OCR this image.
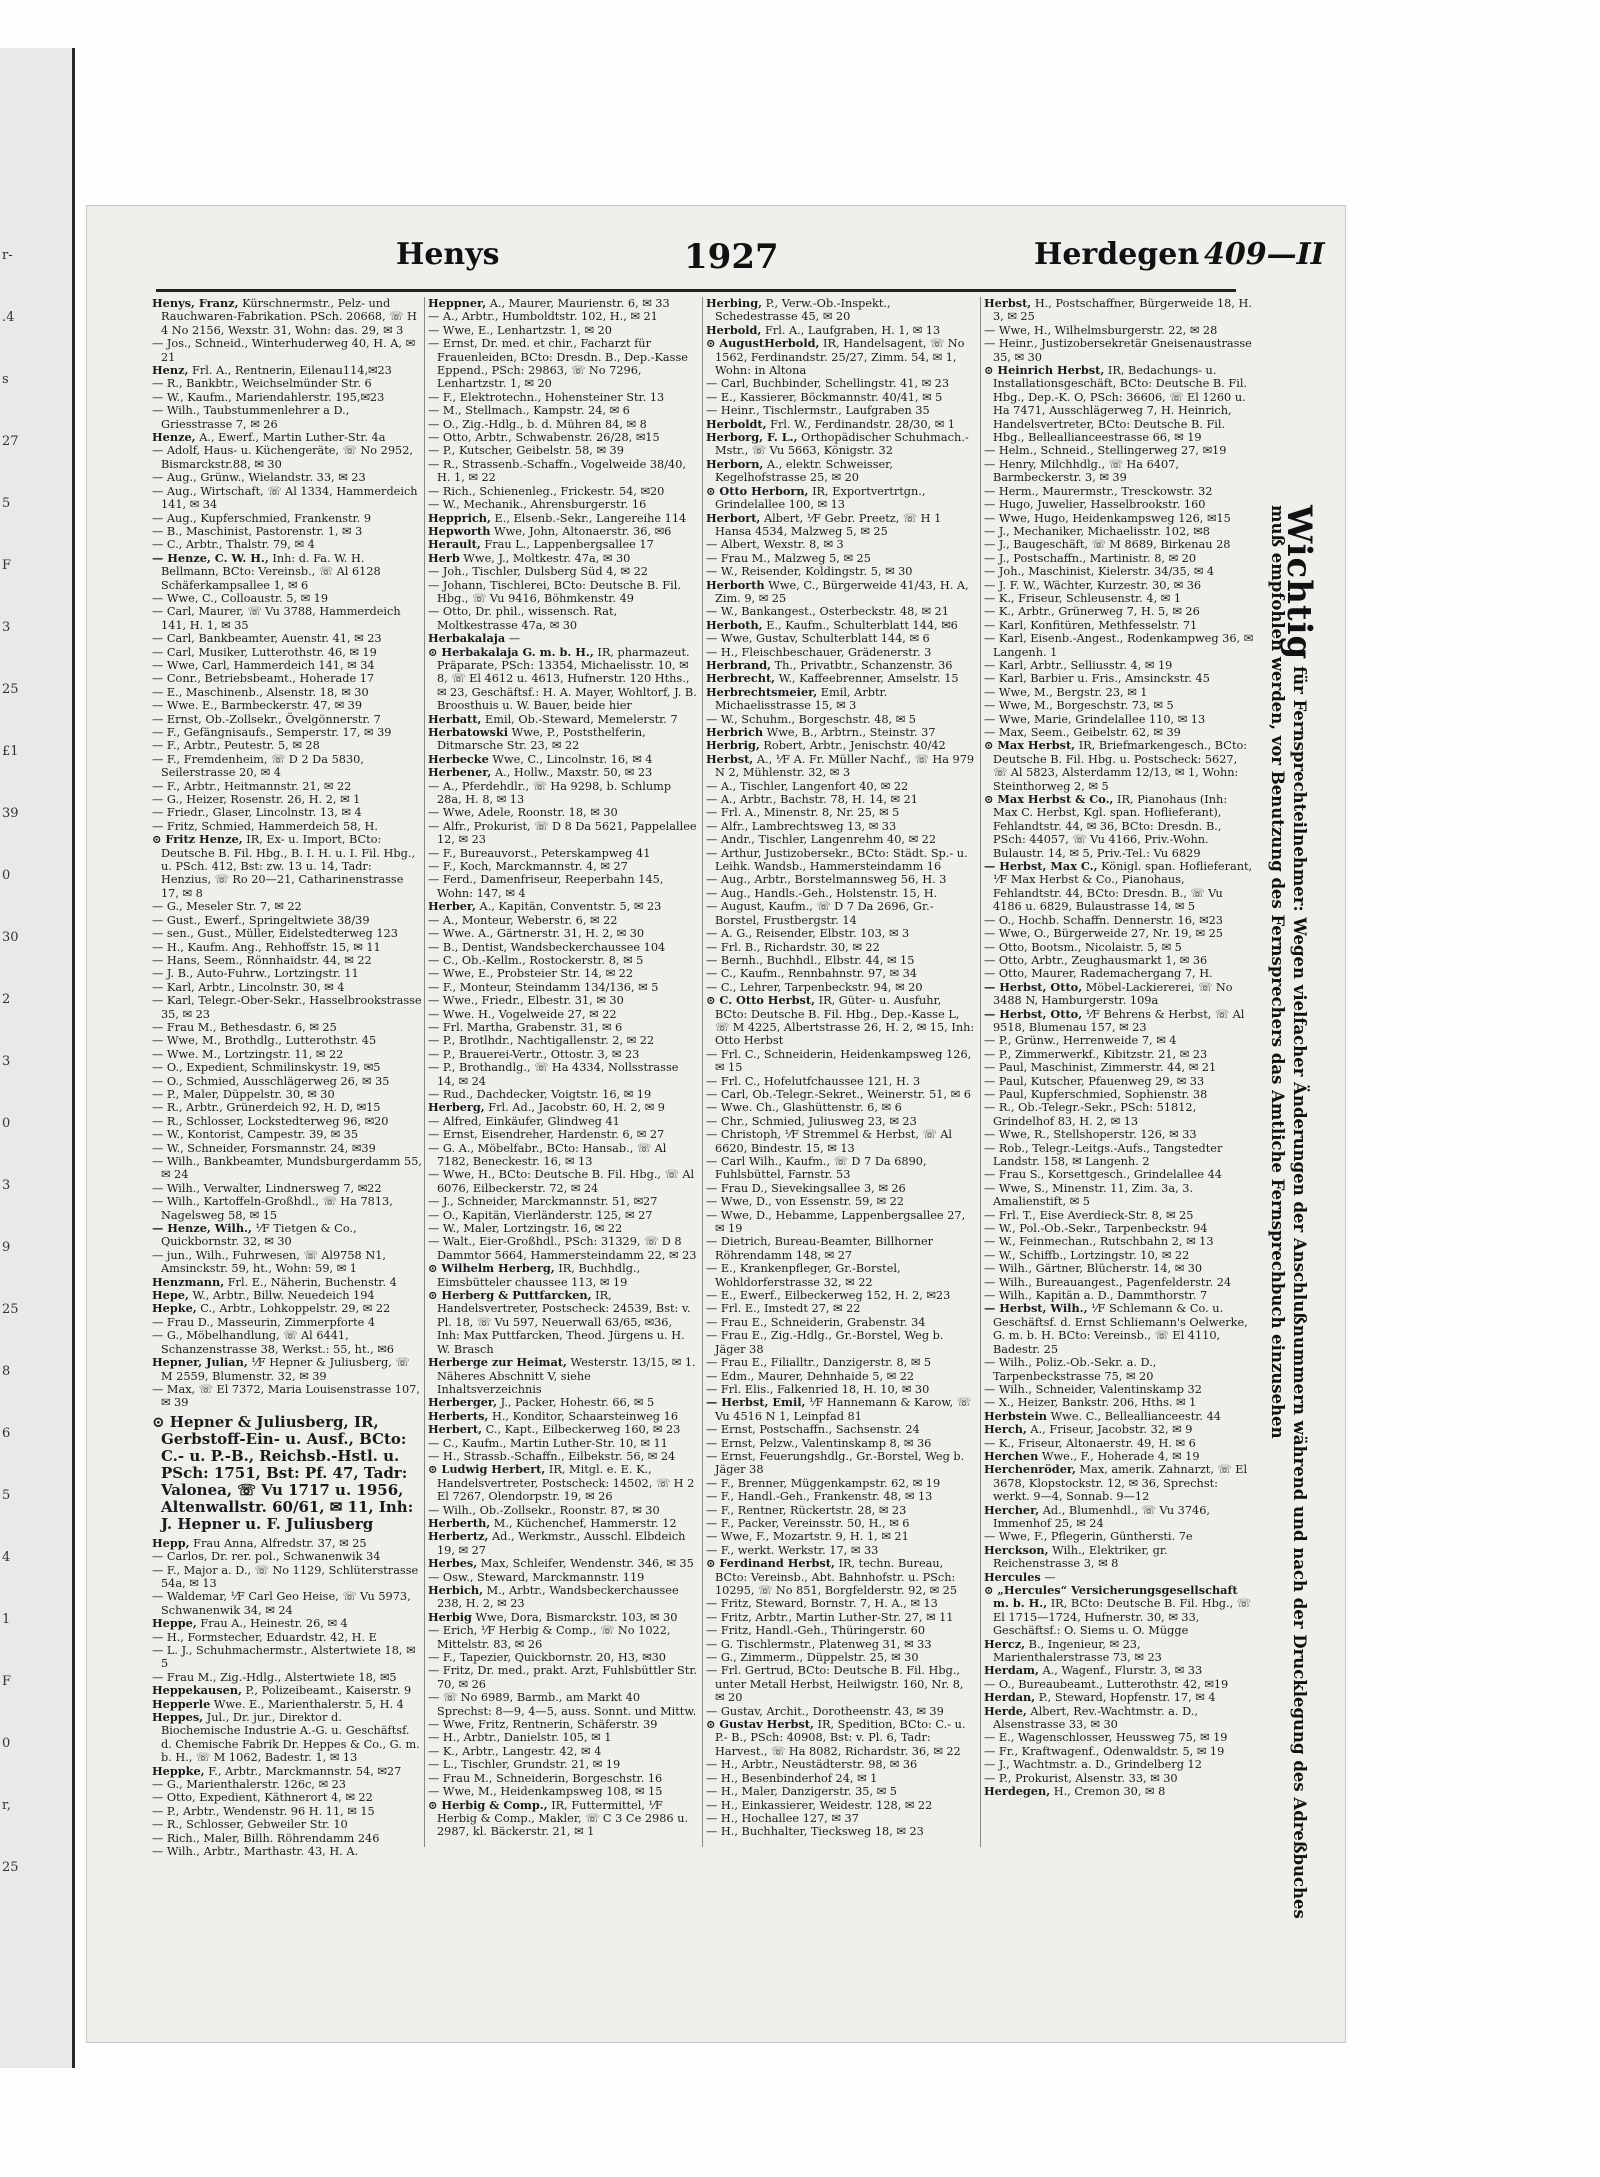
r-
.4
s
27
5
F
3
25
£1
39
0
30
2
3
0
3
9
25
8
6
5
4
1
F
0
r,
25
Henys	1927	Herdegen 409—II

Henys, Franz, Kürschnermstr., Pelz- und Rauchwaren-Fabrikation. PSch. 20668, ☏ H 4 No 2156, Wexstr. 31, Wohn: das. 29, ✉ 3

— Jos., Schneid., Winterhuderweg 40, H. A, ✉ 21

Henz, Frl. A., Rentnerin, Eilenau114,✉23

— R., Bankbtr., Weichselmünder Str. 6

— W., Kaufm., Mariendahlerstr. 195,✉23

— Wilh., Taubstummenlehrer a D., Griesstrasse 7, ✉ 26

Henze, A., Ewerf., Martin Luther-Str. 4a

— Adolf, Haus- u. Küchengeräte, ☏ No 2952, Bismarckstr.88, ✉ 30

— Aug., Grünw., Wielandstr. 33, ✉ 23

— Aug., Wirtschaft, ☏ Al 1334, Hammerdeich 141, ✉ 34

— Aug., Kupferschmied, Frankenstr. 9

— B., Maschinist, Pastorenstr. 1, ✉ 3

— C., Arbtr., Thalstr. 79, ✉ 4

— Henze, C. W. H., Inh: d. Fa. W. H. Bellmann, BCto: Vereinsb., ☏ Al 6128 Schäferkampsallee 1, ✉ 6

— Wwe, C., Colloaustr. 5, ✉ 19

— Carl, Maurer, ☏ Vu 3788, Hammerdeich 141, H. 1, ✉ 35

— Carl, Bankbeamter, Auenstr. 41, ✉ 23

— Carl, Musiker, Lutterothstr. 46, ✉ 19

— Wwe, Carl, Hammerdeich 141, ✉ 34

— Conr., Betriebsbeamt., Hoherade 17

— E., Maschinenb., Alsenstr. 18, ✉ 30

— Wwe. E., Barmbeckerstr. 47, ✉ 39

— Ernst, Ob.-Zollsekr., Övelgönnerstr. 7

— F., Gefängnisaufs., Semperstr. 17, ✉ 39

— F., Arbtr., Peutestr. 5, ✉ 28

— F., Fremdenheim, ☏ D 2 Da 5830, Seilerstrasse 20, ✉ 4

— F., Arbtr., Heitmannstr. 21, ✉ 22

— G., Heizer, Rosenstr. 26, H. 2, ✉ 1

— Friedr., Glaser, Lincolnstr. 13, ✉ 4

— Fritz, Schmied, Hammerdeich 58, H.

⊙ Fritz Henze, IR, Ex- u. Import, BCto: Deutsche B. Fil. Hbg., B. I. H. u. I. Fil. Hbg., u. PSch. 412, Bst: zw. 13 u. 14, Tadr: Henzius, ☏ Ro 20—21, Catharinenstrasse 17, ✉ 8

— G., Meseler Str. 7, ✉ 22

— Gust., Ewerf., Springeltwiete 38/39

— sen., Gust., Müller, Eidelstedterweg 123

— H., Kaufm. Ang., Rehhoffstr. 15, ✉ 11

— Hans, Seem., Rönnhaidstr. 44, ✉ 22

— J. B., Auto-Fuhrw., Lortzingstr. 11

— Karl, Arbtr., Lincolnstr. 30, ✉ 4

— Karl, Telegr.-Ober-Sekr., Hasselbrookstrasse 35, ✉ 23

— Frau M., Bethesdastr. 6, ✉ 25

— Wwe, M., Brothdlg., Lutterothstr. 45

— Wwe. M., Lortzingstr. 11, ✉ 22

— O., Expedient, Schmilinskystr. 19, ✉5

— O., Schmied, Ausschlägerweg 26, ✉ 35

— P., Maler, Düppelstr. 30, ✉ 30

— R., Arbtr., Grünerdeich 92, H. D, ✉15

— R., Schlosser, Lockstedterweg 96, ✉20

— W., Kontorist, Campestr. 39, ✉ 35

— W., Schneider, Forsmannstr. 24, ✉39

— Wilh., Bankbeamter, Mundsburgerdamm 55, ✉ 24

— Wilh., Verwalter, Lindnersweg 7, ✉22

— Wilh., Kartoffeln-Großhdl., ☏ Ha 7813, Nagelsweg 58, ✉ 15

— Henze, Wilh., ⅟F Tietgen & Co., Quickbornstr. 32, ✉ 30

— jun., Wilh., Fuhrwesen, ☏ Al9758 N1, Amsinckstr. 59, ht., Wohn: 59, ✉ 1

Henzmann, Frl. E., Näherin, Buchenstr. 4

Hepe, W., Arbtr., Billw. Neuedeich 194

Hepke, C., Arbtr., Lohkoppelstr. 29, ✉ 22

— Frau D., Masseurin, Zimmerpforte 4

— G., Möbelhandlung, ☏ Al 6441, Schanzenstrasse 38, Werkst.: 55, ht., ✉6

Hepner, Julian, ⅟F Hepner & Juliusberg, ☏ M 2559, Blumenstr. 32, ✉ 39

— Max, ☏ El 7372, Maria Louisenstrasse 107, ✉ 39

⊙ Hepner & Juliusberg, IR, Gerbstoff-Ein- u. Ausf., BCto: C.- u. P.-B., Reichsb.-Hstl. u. PSch: 1751, Bst: Pf. 47, Tadr: Valonea, ☏ Vu 1717 u. 1956, Altenwallstr. 60/61, ✉ 11, Inh: J. Hepner u. F. Juliusberg

Hepp, Frau Anna, Alfredstr. 37, ✉ 25

— Carlos, Dr. rer. pol., Schwanenwik 34

— F., Major a. D., ☏ No 1129, Schlüterstrasse 54a, ✉ 13

— Waldemar, ⅟F Carl Geo Heise, ☏ Vu 5973, Schwanenwik 34, ✉ 24

Heppe, Frau A., Heinestr. 26, ✉ 4

— H., Formstecher, Eduardstr. 42, H. E

— L. J., Schuhmachermstr., Alstertwiete 18, ✉ 5

— Frau M., Zig.-Hdlg., Alstertwiete 18, ✉5

Heppekausen, P., Polizeibeamt., Kaiserstr. 9

Hepperle Wwe. E., Marienthalerstr. 5, H. 4

Heppes, Jul., Dr. jur., Direktor d. Biochemische Industrie A.-G. u. Geschäftsf. d. Chemische Fabrik Dr. Heppes & Co., G. m. b. H., ☏ M 1062, Badestr. 1, ✉ 13

Heppke, F., Arbtr., Marckmannstr. 54, ✉27

— G., Marienthalerstr. 126c, ✉ 23

— Otto, Expedient, Käthnerort 4, ✉ 22

— P., Arbtr., Wendenstr. 96 H. 11, ✉ 15

— R., Schlosser, Gebweiler Str. 10

— Rich., Maler, Billh. Röhrendamm 246

— Wilh., Arbtr., Marthastr. 43, H. A.

Heppner, A., Maurer, Maurienstr. 6, ✉ 33

— A., Arbtr., Humboldtstr. 102, H., ✉ 21

— Wwe, E., Lenhartzstr. 1, ✉ 20

— Ernst, Dr. med. et chir., Facharzt für Frauenleiden, BCto: Dresdn. B., Dep.-Kasse Eppend., PSch: 29863, ☏ No 7296, Lenhartzstr. 1, ✉ 20

— F., Elektrotechn., Hohensteiner Str. 13

— M., Stellmach., Kampstr. 24, ✉ 6

— O., Zig.-Hdlg., b. d. Mühren 84, ✉ 8

— Otto, Arbtr., Schwabenstr. 26/28, ✉15

— P., Kutscher, Geibelstr. 58, ✉ 39

— R., Strassenb.-Schaffn., Vogelweide 38/40, H. 1, ✉ 22

— Rich., Schienenleg., Frickestr. 54, ✉20

— W., Mechanik., Ahrensburgerstr. 16

Hepprich, E., Elsenb.-Sekr., Langereihe 114

Hepworth Wwe, John, Altonaerstr. 36, ✉6

Herault, Frau L., Lappenbergsallee 17

Herb Wwe, J., Moltkestr. 47a, ✉ 30

— Joh., Tischler, Dulsberg Süd 4, ✉ 22

— Johann, Tischlerei, BCto: Deutsche B. Fil. Hbg., ☏ Vu 9416, Böhmkenstr. 49

— Otto, Dr. phil., wissensch. Rat, Moltkestrasse 47a, ✉ 30

Herbakalaja —

⊙ Herbakalaja G. m. b. H., IR, pharmazeut. Präparate, PSch: 13354, Michaelisstr. 10, ✉ 8, ☏ El 4612 u. 4613, Hufnerstr. 120 Hths., ✉ 23, Geschäftsf.: H. A. Mayer, Wohltorf, J. B. Broosthuis u. W. Bauer, beide hier

Herbatt, Emil, Ob.-Steward, Memelerstr. 7

Herbatowski Wwe, P., Poststhelferin, Ditmarsche Str. 23, ✉ 22

Herbecke Wwe, C., Lincolnstr. 16, ✉ 4

Herbener, A., Hollw., Maxstr. 50, ✉ 23

— A., Pferdehdlr., ☏ Ha 9298, b. Schlump 28a, H. 8, ✉ 13

— Wwe, Adele, Roonstr. 18, ✉ 30

— Alfr., Prokurist, ☏ D 8 Da 5621, Pappelallee 12, ✉ 23

— F., Bureauvorst., Peterskampweg 41

— F., Koch, Marckmannstr. 4, ✉ 27

— Ferd., Damenfriseur, Reeperbahn 145, Wohn: 147, ✉ 4

Herber, A., Kapitän, Conventstr. 5, ✉ 23

— A., Monteur, Weberstr. 6, ✉ 22

— Wwe. A., Gärtnerstr. 31, H. 2, ✉ 30

— B., Dentist, Wandsbeckerchaussee 104

— C., Ob.-Kellm., Rostockerstr. 8, ✉ 5

— Wwe, E., Probsteier Str. 14, ✉ 22

— F., Monteur, Steindamm 134/136, ✉ 5

— Wwe., Friedr., Elbestr. 31, ✉ 30

— Wwe. H., Vogelweide 27, ✉ 22

— Frl. Martha, Grabenstr. 31, ✉ 6

— P., Brotlhdr., Nachtigallenstr. 2, ✉ 22

— P., Brauerei-Vertr., Ottostr. 3, ✉ 23

— P., Brothandlg., ☏ Ha 4334, Nollsstrasse 14, ✉ 24

— Rud., Dachdecker, Voigtstr. 16, ✉ 19

Herberg, Frl. Ad., Jacobstr. 60, H. 2, ✉ 9

— Alfred, Einkäufer, Glindweg 41

— Ernst, Eisendreher, Hardenstr. 6, ✉ 27

— G. A., Möbelfabr., BCto: Hansab., ☏ Al 7182, Beneckestr. 16, ✉ 13

— Wwe, H., BCto: Deutsche B. Fil. Hbg., ☏ Al 6076, Eilbeckerstr. 72, ✉ 24

— J., Schneider, Marckmannstr. 51, ✉27

— O., Kapitän, Vierländerstr. 125, ✉ 27

— W., Maler, Lortzingstr. 16, ✉ 22

— Walt., Eier-Großhdl., PSch: 31329, ☏ D 8 Dammtor 5664, Hammersteindamm 22, ✉ 23

⊙ Wilhelm Herberg, IR, Buchhdlg., Eimsbütteler chaussee 113, ✉ 19

⊙ Herberg & Puttfarcken, IR, Handelsvertreter, Postscheck: 24539, Bst: v. Pl. 18, ☏ Vu 597, Neuerwall 63/65, ✉36, Inh: Max Puttfarcken, Theod. Jürgens u. H. W. Brasch

Herberge zur Heimat, Westerstr. 13/15, ✉ 1. Näheres Abschnitt V, siehe Inhaltsverzeichnis

Herberger, J., Packer, Hohestr. 66, ✉ 5

Herberts, H., Konditor, Schaarsteinweg 16

Herbert, C., Kapt., Eilbeckerweg 160, ✉ 23

— C., Kaufm., Martin Luther-Str. 10, ✉ 11

— H., Strassb.-Schaffn., Eilbekstr. 56, ✉ 24

⊙ Ludwig Herbert, IR, Mitgl. e. E. K., Handelsvertreter, Postscheck: 14502, ☏ H 2 El 7267, Olendorpstr. 19, ✉ 26

— Wilh., Ob.-Zollsekr., Roonstr. 87, ✉ 30

Herberth, M., Küchenchef, Hammerstr. 12

Herbertz, Ad., Werkmstr., Ausschl. Elbdeich 19, ✉ 27

Herbes, Max, Schleifer, Wendenstr. 346, ✉ 35

— Osw., Steward, Marckmannstr. 119

Herbich, M., Arbtr., Wandsbeckerchaussee 238, H. 2, ✉ 23

Herbig Wwe, Dora, Bismarckstr. 103, ✉ 30

— Erich, ⅟F Herbig & Comp., ☏ No 1022, Mittelstr. 83, ✉ 26

— F., Tapezier, Quickbornstr. 20, H3, ✉30

— Fritz, Dr. med., prakt. Arzt, Fuhlsbüttler Str. 70, ✉ 26

— ☏ No 6989, Barmb., am Markt 40 Sprechst: 8—9, 4—5, auss. Sonnt. und Mittw.

— Wwe, Fritz, Rentnerin, Schäferstr. 39

— H., Arbtr., Danielstr. 105, ✉ 1

— K., Arbtr., Langestr. 42, ✉ 4

— L., Tischler, Grundstr. 21, ✉ 19

— Frau M., Schneiderin, Borgeschstr. 16

— Wwe, M., Heidenkampsweg 108, ✉ 15

⊙ Herbig & Comp., IR, Futtermittel, ⅟F Herbig & Comp., Makler, ☏ C 3 Ce 2986 u. 2987, kl. Bäckerstr. 21, ✉ 1

Herbing, P., Verw.-Ob.-Inspekt., Schedestrasse 45, ✉ 20

Herbold, Frl. A., Laufgraben, H. 1, ✉ 13

⊙ AugustHerbold, IR, Handelsagent, ☏ No 1562, Ferdinandstr. 25/27, Zimm. 54, ✉ 1, Wohn: in Altona

— Carl, Buchbinder, Schellingstr. 41, ✉ 23

— E., Kassierer, Böckmannstr. 40/41, ✉ 5

— Heinr., Tischlermstr., Laufgraben 35

Herboldt, Frl. W., Ferdinandstr. 28/30, ✉ 1

Herborg, F. L., Orthopädischer Schuhmach.-Mstr., ☏ Vu 5663, Königstr. 32

Herborn, A., elektr. Schweisser, Kegelhofstrasse 25, ✉ 20

⊙ Otto Herborn, IR, Exportvertrtgn., Grindelallee 100, ✉ 13

Herbort, Albert, ⅟F Gebr. Preetz, ☏ H 1 Hansa 4534, Malzweg 5, ✉ 25

— Albert, Wexstr. 8, ✉ 3

— Frau M., Malzweg 5, ✉ 25

— W., Reisender, Koldingstr. 5, ✉ 30

Herborth Wwe, C., Bürgerweide 41/43, H. A, Zim. 9, ✉ 25

— W., Bankangest., Osterbeckstr. 48, ✉ 21

Herboth, E., Kaufm., Schulterblatt 144, ✉6

— Wwe, Gustav, Schulterblatt 144, ✉ 6

— H., Fleischbeschauer, Grädenerstr. 3

Herbrand, Th., Privatbtr., Schanzenstr. 36

Herbrecht, W., Kaffeebrenner, Amselstr. 15

Herbrechtsmeier, Emil, Arbtr. Michaelisstrasse 15, ✉ 3

— W., Schuhm., Borgeschstr. 48, ✉ 5

Herbrich Wwe, B., Arbtrn., Steinstr. 37

Herbrig, Robert, Arbtr., Jenischstr. 40/42

Herbst, A., ⅟F A. Fr. Müller Nachf., ☏ Ha 979 N 2, Mühlenstr. 32, ✉ 3

— A., Tischler, Langenfort 40, ✉ 22

— A., Arbtr., Bachstr. 78, H. 14, ✉ 21

— Frl. A., Minenstr. 8, Nr. 25, ✉ 5

— Alfr., Lambrechtsweg 13, ✉ 33

— Andr., Tischler, Langenrehm 40, ✉ 22

— Arthur, Justizobersekr., BCto: Städt. Sp.- u. Leihk. Wandsb., Hammersteindamm 16

— Aug., Arbtr., Borstelmannsweg 56, H. 3

— Aug., Handls.-Geh., Holstenstr. 15, H.

— August, Kaufm., ☏ D 7 Da 2696, Gr.-Borstel, Frustbergstr. 14

— A. G., Reisender, Elbstr. 103, ✉ 3

— Frl. B., Richardstr. 30, ✉ 22

— Bernh., Buchhdl., Elbstr. 44, ✉ 15

— C., Kaufm., Rennbahnstr. 97, ✉ 34

— C., Lehrer, Tarpenbeckstr. 94, ✉ 20

⊙ C. Otto Herbst, IR, Güter- u. Ausfuhr, BCto: Deutsche B. Fil. Hbg., Dep.-Kasse L, ☏ M 4225, Albertstrasse 26, H. 2, ✉ 15, Inh: Otto Herbst

— Frl. C., Schneiderin, Heidenkampsweg 126, ✉ 15

— Frl. C., Hofelutfchaussee 121, H. 3

— Carl, Ob.-Telegr.-Sekret., Weinerstr. 51, ✉ 6

— Wwe. Ch., Glashüttenstr. 6, ✉ 6

— Chr., Schmied, Juliusweg 23, ✉ 23

— Christoph, ⅟F Stremmel & Herbst, ☏ Al 6620, Bindestr. 15, ✉ 13

— Carl Wilh., Kaufm., ☏ D 7 Da 6890, Fuhlsbüttel, Farnstr. 53

— Frau D., Sievekingsallee 3, ✉ 26

— Wwe, D., von Essenstr. 59, ✉ 22

— Wwe, D., Hebamme, Lappenbergsallee 27, ✉ 19

— Dietrich, Bureau-Beamter, Billhorner Röhrendamm 148, ✉ 27

— E., Krankenpfleger, Gr.-Borstel, Wohldorferstrasse 32, ✉ 22

— E., Ewerf., Eilbeckerweg 152, H. 2, ✉23

— Frl. E., Imstedt 27, ✉ 22

— Frau E., Schneiderin, Grabenstr. 34

— Frau E., Zig.-Hdlg., Gr.-Borstel, Weg b. Jäger 38

— Frau E., Filialltr., Danzigerstr. 8, ✉ 5

— Edm., Maurer, Dehnhaide 5, ✉ 22

— Frl. Elis., Falkenried 18, H. 10, ✉ 30

— Herbst, Emil, ⅟F Hannemann & Karow, ☏ Vu 4516 N 1, Leinpfad 81

— Ernst, Postschaffn., Sachsenstr. 24

— Ernst, Pelzw., Valentinskamp 8, ✉ 36

— Ernst, Feuerungshdlg., Gr.-Borstel, Weg b. Jäger 38

— F., Brenner, Müggenkampstr. 62, ✉ 19

— F., Handl.-Geh., Frankenstr. 48, ✉ 13

— F., Rentner, Rückertstr. 28, ✉ 23

— F., Packer, Vereinsstr. 50, H., ✉ 6

— Wwe, F., Mozartstr. 9, H. 1, ✉ 21

— F., werkt. Werkstr. 17, ✉ 33

⊙ Ferdinand Herbst, IR, techn. Bureau, BCto: Vereinsb., Abt. Bahnhofstr. u. PSch: 10295, ☏ No 851, Borgfelderstr. 92, ✉ 25

— Fritz, Steward, Bornstr. 7, H. A., ✉ 13

— Fritz, Arbtr., Martin Luther-Str. 27, ✉ 11

— Fritz, Handl.-Geh., Thüringerstr. 60

— G. Tischlermstr., Platenweg 31, ✉ 33

— G., Zimmerm., Düppelstr. 25, ✉ 30

— Frl. Gertrud, BCto: Deutsche B. Fil. Hbg., unter Metall Herbst, Heilwigstr. 160, Nr. 8, ✉ 20

— Gustav, Archit., Dorotheenstr. 43, ✉ 39

⊙ Gustav Herbst, IR, Spedition, BCto: C.- u. P.- B., PSch: 40908, Bst: v. Pl. 6, Tadr: Harvest., ☏ Ha 8082, Richardstr. 36, ✉ 22

— H., Arbtr., Neustädterstr. 98, ✉ 36

— H., Besenbinderhof 24, ✉ 1

— H., Maler, Danzigerstr. 35, ✉ 5

— H., Einkassierer, Weidestr. 128, ✉ 22

— H., Hochallee 127, ✉ 37

— H., Buchhalter, Tiecksweg 18, ✉ 23

Herbst, H., Postschaffner, Bürgerweide 18, H. 3, ✉ 25

— Wwe, H., Wilhelmsburgerstr. 22, ✉ 28

— Heinr., Justizobersekretär Gneisenaustrasse 35, ✉ 30

⊙ Heinrich Herbst, IR, Bedachungs- u. Installationsgeschäft, BCto: Deutsche B. Fil. Hbg., Dep.-K. O, PSch: 36606, ☏ El 1260 u. Ha 7471, Ausschlägerweg 7, H. Heinrich, Handelsvertreter, BCto: Deutsche B. Fil. Hbg., Belleallianceestrasse 66, ✉ 19

— Helm., Schneid., Stellingerweg 27, ✉19

— Henry, Milchhdlg., ☏ Ha 6407, Barmbeckerstr. 3, ✉ 39

— Herm., Maurermstr., Tresckowstr. 32

— Hugo, Juwelier, Hasselbrookstr. 160

— Wwe, Hugo, Heidenkampsweg 126, ✉15

— J., Mechaniker, Michaelisstr. 102, ✉8

— J., Baugeschäft, ☏ M 8689, Birkenau 28

— J., Postschaffn., Martinistr. 8, ✉ 20

— Joh., Maschinist, Kielerstr. 34/35, ✉ 4

— J. F. W., Wächter, Kurzestr. 30, ✉ 36

— K., Friseur, Schleusenstr. 4, ✉ 1

— K., Arbtr., Grünerweg 7, H. 5, ✉ 26

— Karl, Konfitüren, Methfesselstr. 71

— Karl, Eisenb.-Angest., Rodenkampweg 36, ✉ Langenh. 1

— Karl, Arbtr., Selliusstr. 4, ✉ 19

— Karl, Barbier u. Fris., Amsinckstr. 45

— Wwe, M., Bergstr. 23, ✉ 1

— Wwe, M., Borgeschstr. 73, ✉ 5

— Wwe, Marie, Grindelallee 110, ✉ 13

— Max, Seem., Geibelstr. 62, ✉ 39

⊙ Max Herbst, IR, Briefmarkengesch., BCto: Deutsche B. Fil. Hbg. u. Postscheck: 5627, ☏ Al 5823, Alsterdamm 12/13, ✉ 1, Wohn: Steinthorweg 2, ✉ 5

⊙ Max Herbst & Co., IR, Pianohaus (Inh: Max C. Herbst, Kgl. span. Hoflieferant), Fehlandtstr. 44, ✉ 36, BCto: Dresdn. B., PSch: 44057, ☏ Vu 4166, Priv.-Wohn. Bulaustr. 14, ✉ 5, Priv.-Tel.: Vu 6829

— Herbst, Max C., Königl. span. Hoflieferant, ⅟F Max Herbst & Co., Pianohaus, Fehlandtstr. 44, BCto: Dresdn. B., ☏ Vu 4186 u. 6829, Bulaustrasse 14, ✉ 5

— O., Hochb. Schaffn. Dennerstr. 16, ✉23

— Wwe, O., Bürgerweide 27, Nr. 19, ✉ 25

— Otto, Bootsm., Nicolaistr. 5, ✉ 5

— Otto, Arbtr., Zeughausmarkt 1, ✉ 36

— Otto, Maurer, Rademachergang 7, H.

— Herbst, Otto, Möbel-Lackiererei, ☏ No 3488 N, Hamburgerstr. 109a

— Herbst, Otto, ⅟F Behrens & Herbst, ☏ Al 9518, Blumenau 157, ✉ 23

— P., Grünw., Herrenweide 7, ✉ 4

— P., Zimmerwerkf., Kibitzstr. 21, ✉ 23

— Paul, Maschinist, Zimmerstr. 44, ✉ 21

— Paul, Kutscher, Pfauenweg 29, ✉ 33

— Paul, Kupferschmied, Sophienstr. 38

— R., Ob.-Telegr.-Sekr., PSch: 51812, Grindelhof 83, H. 2, ✉ 13

— Wwe, R., Stellshoperstr. 126, ✉ 33

— Rob., Telegr.-Leitgs.-Aufs., Tangstedter Landstr. 158, ✉ Langenh. 2

— Frau S., Korsettgesch., Grindelallee 44

— Wwe, S., Minenstr. 11, Zim. 3a, 3. Amalienstift, ✉ 5

— Frl. T., Eise Averdieck-Str. 8, ✉ 25

— W., Pol.-Ob.-Sekr., Tarpenbeckstr. 94

— W., Feinmechan., Rutschbahn 2, ✉ 13

— W., Schiffb., Lortzingstr. 10, ✉ 22

— Wilh., Gärtner, Blücherstr. 14, ✉ 30

— Wilh., Bureauangest., Pagenfelderstr. 24

— Wilh., Kapitän a. D., Dammthorstr. 7

— Herbst, Wilh., ⅟F Schlemann & Co. u. Geschäftsf. d. Ernst Schliemann's Oelwerke, G. m. b. H. BCto: Vereinsb., ☏ El 4110, Badestr. 25

— Wilh., Poliz.-Ob.-Sekr. a. D., Tarpenbeckstrasse 75, ✉ 20

— Wilh., Schneider, Valentinskamp 32

— X., Heizer, Bankstr. 206, Hths. ✉ 1

Herbstein Wwe. C., Belleallianceestr. 44

Herch, A., Friseur, Jacobstr. 32, ✉ 9

— K., Friseur, Altonaerstr. 49, H. ✉ 6

Herchen Wwe., F., Hoherade 4, ✉ 19

Herchenröder, Max, amerik. Zahnarzt, ☏ El 3678, Klopstockstr. 12, ✉ 36, Sprechst: werkt. 9—4, Sonnab. 9—12

Hercher, Ad., Blumenhdl., ☏ Vu 3746, Immenhof 25, ✉ 24

— Wwe, F., Pflegerin, Günthersti. 7e

Herckson, Wilh., Elektriker, gr. Reichenstrasse 3, ✉ 8

Hercules —

⊙ „Hercules“ Versicherungsgesellschaft m. b. H., IR, BCto: Deutsche B. Fil. Hbg., ☏ El 1715—1724, Hufnerstr. 30, ✉ 33, Geschäftsf.: O. Siems u. O. Mügge

Hercz, B., Ingenieur, ✉ 23, Marienthalerstrasse 73, ✉ 23

Herdam, A., Wagenf., Flurstr. 3, ✉ 33

— O., Bureaubeamt., Lutterothstr. 42, ✉19

Herdan, P., Steward, Hopfenstr. 17, ✉ 4

Herde, Albert, Rev.-Wachtmstr. a. D., Alsenstrasse 33, ✉ 30

— E., Wagenschlosser, Heussweg 75, ✉ 19

— Fr., Kraftwagenf., Odenwaldstr. 5, ✉ 19

— J., Wachtmstr. a. D., Grindelberg 12

— P., Prokurist, Alsenstr. 33, ✉ 30

Herdegen, H., Cremon 30, ✉ 8

Wichtig für Fernsprechteilnehmer: Wegen vielfacher Änderungen der Anschlußnummern während und nach der Drucklegung des Adreßbuches muß empfohlen werden, vor Benutzung des Fernsprechers das Amtliche Fernsprechbuch einzusehen
